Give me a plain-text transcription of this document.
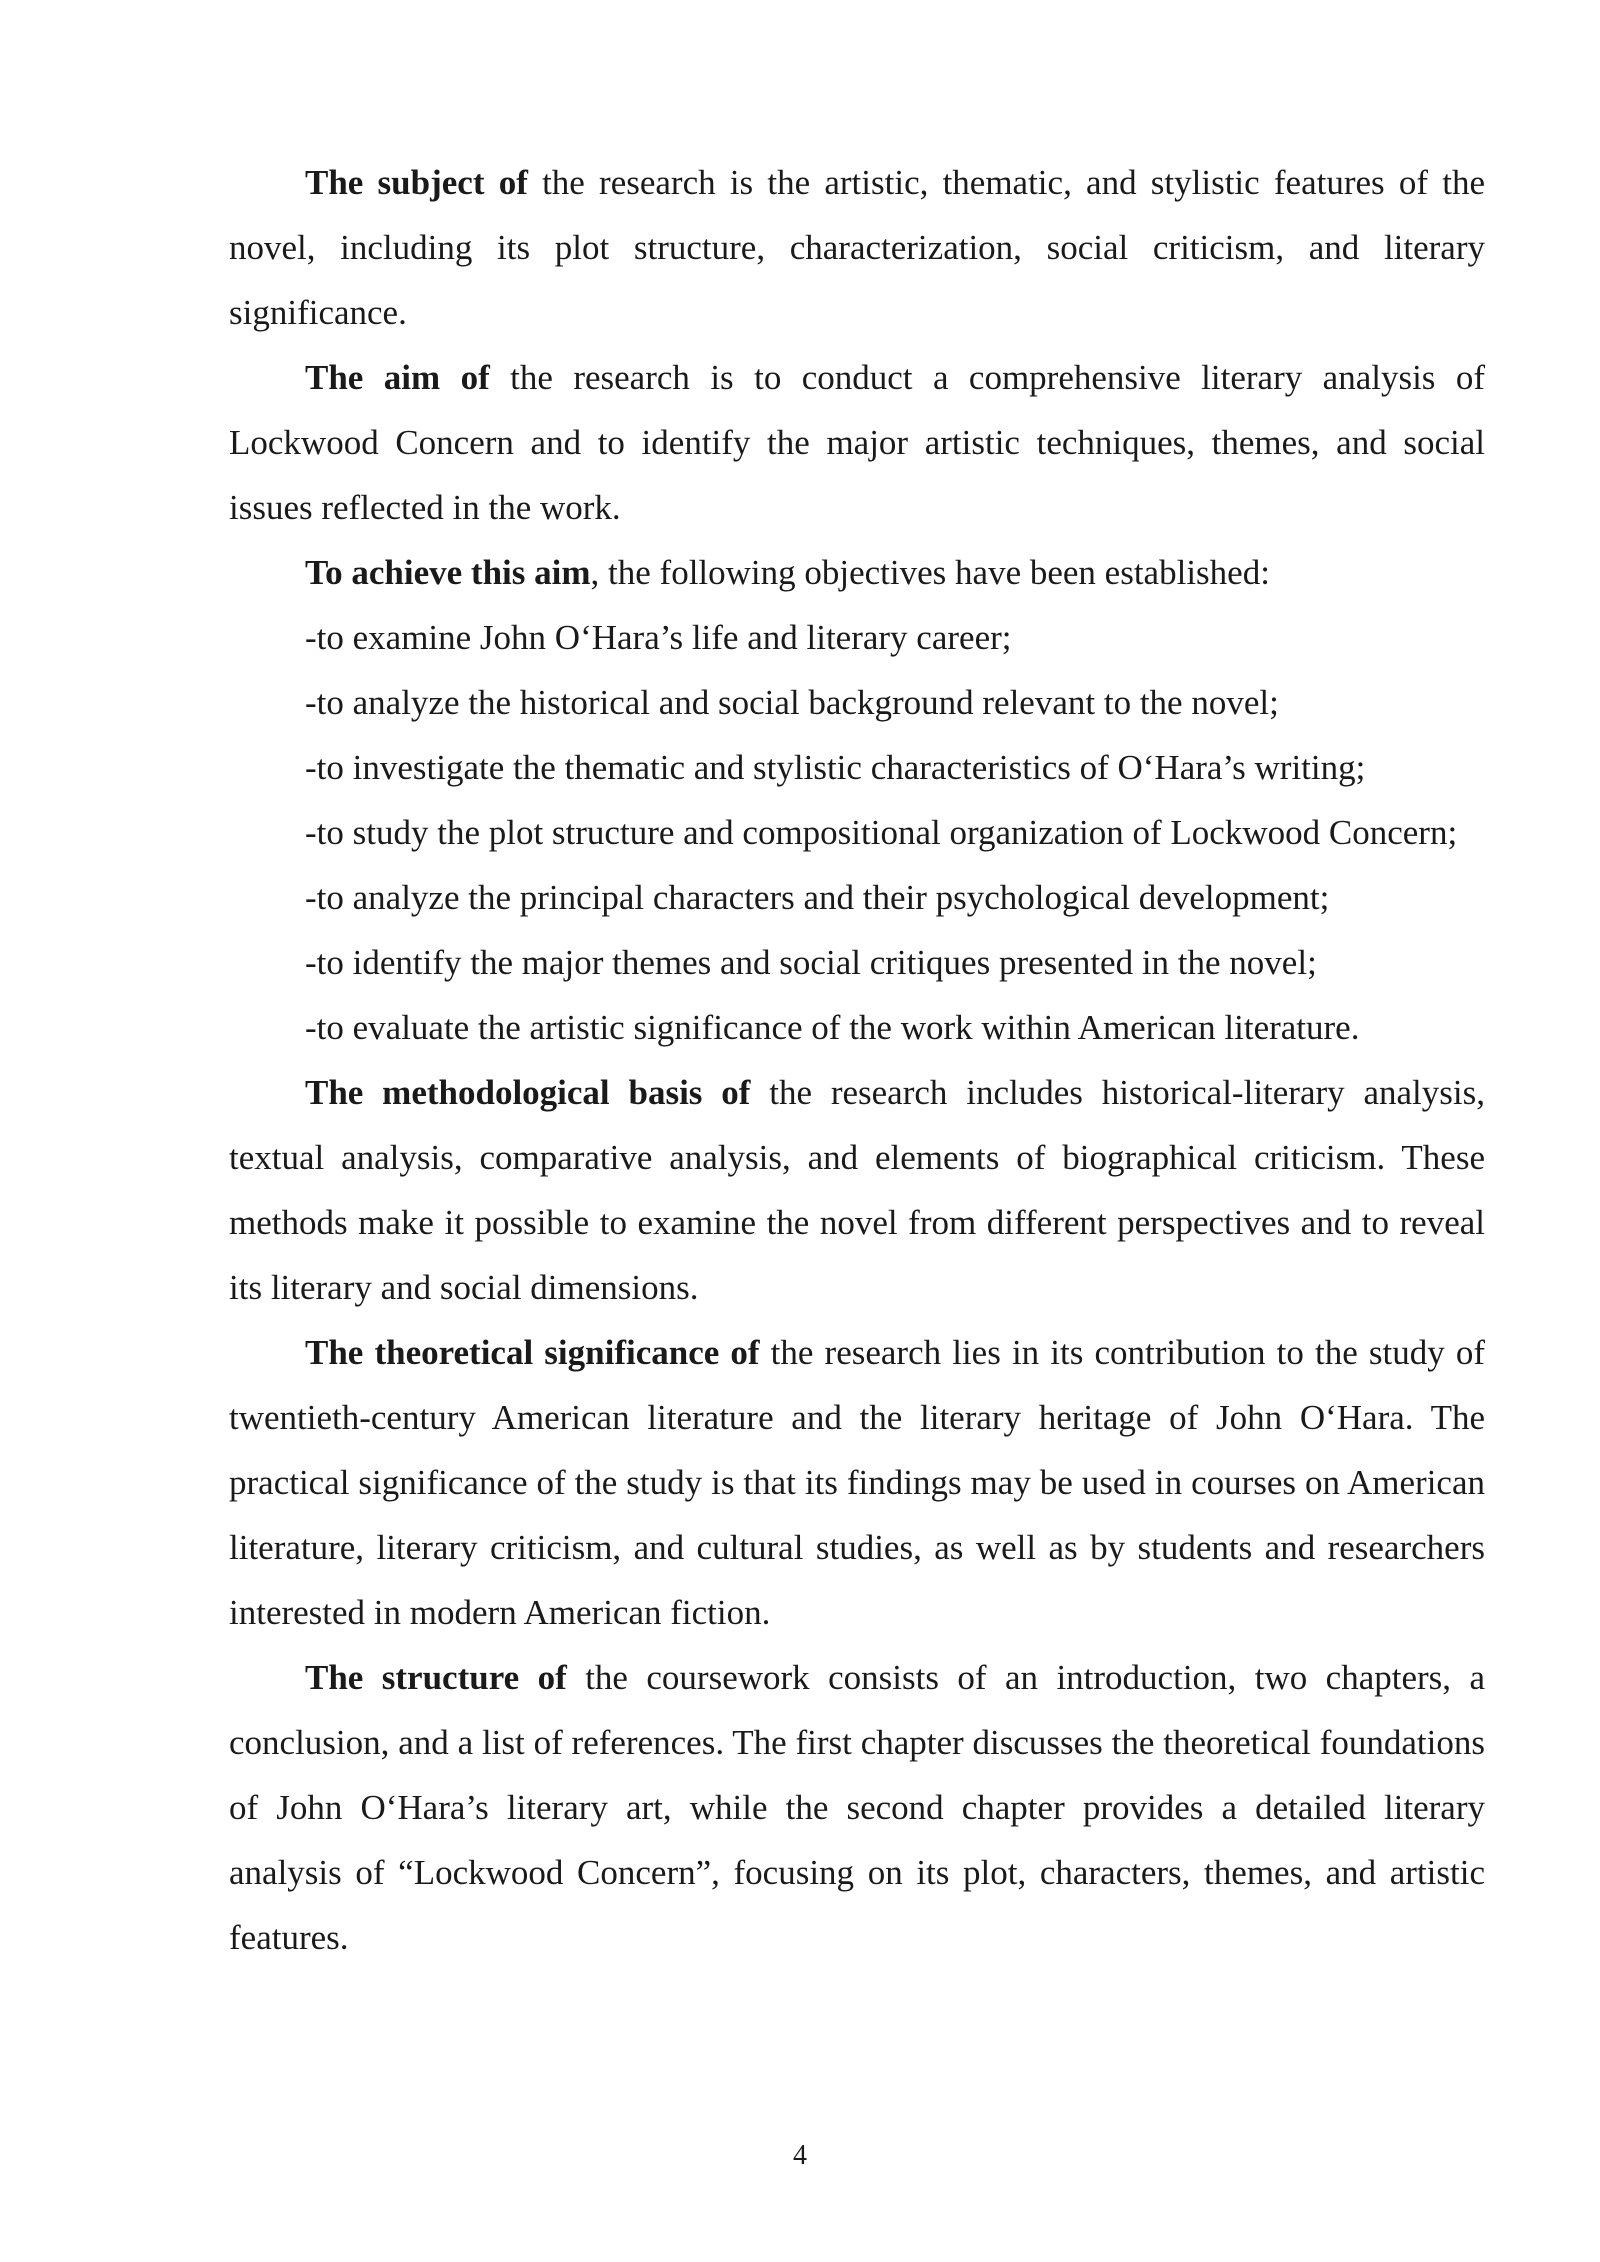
The subject of the research is the artistic, thematic, and stylistic features of the novel, including its plot structure, characterization, social criticism, and literary significance.

The aim of the research is to conduct a comprehensive literary analysis of Lockwood Concern and to identify the major artistic techniques, themes, and social issues reflected in the work.

To achieve this aim, the following objectives have been established:

-to examine John O‘Hara’s life and literary career;
-to analyze the historical and social background relevant to the novel;
-to investigate the thematic and stylistic characteristics of O‘Hara’s writing;
-to study the plot structure and compositional organization of Lockwood Concern;
-to analyze the principal characters and their psychological development;
-to identify the major themes and social critiques presented in the novel;
-to evaluate the artistic significance of the work within American literature.

The methodological basis of the research includes historical-literary analysis, textual analysis, comparative analysis, and elements of biographical criticism. These methods make it possible to examine the novel from different perspectives and to reveal its literary and social dimensions.

The theoretical significance of the research lies in its contribution to the study of twentieth-century American literature and the literary heritage of John O‘Hara. The practical significance of the study is that its findings may be used in courses on American literature, literary criticism, and cultural studies, as well as by students and researchers interested in modern American fiction.

The structure of the coursework consists of an introduction, two chapters, a conclusion, and a list of references. The first chapter discusses the theoretical foundations of John O‘Hara’s literary art, while the second chapter provides a detailed literary analysis of “Lockwood Concern”, focusing on its plot, characters, themes, and artistic features.

4
